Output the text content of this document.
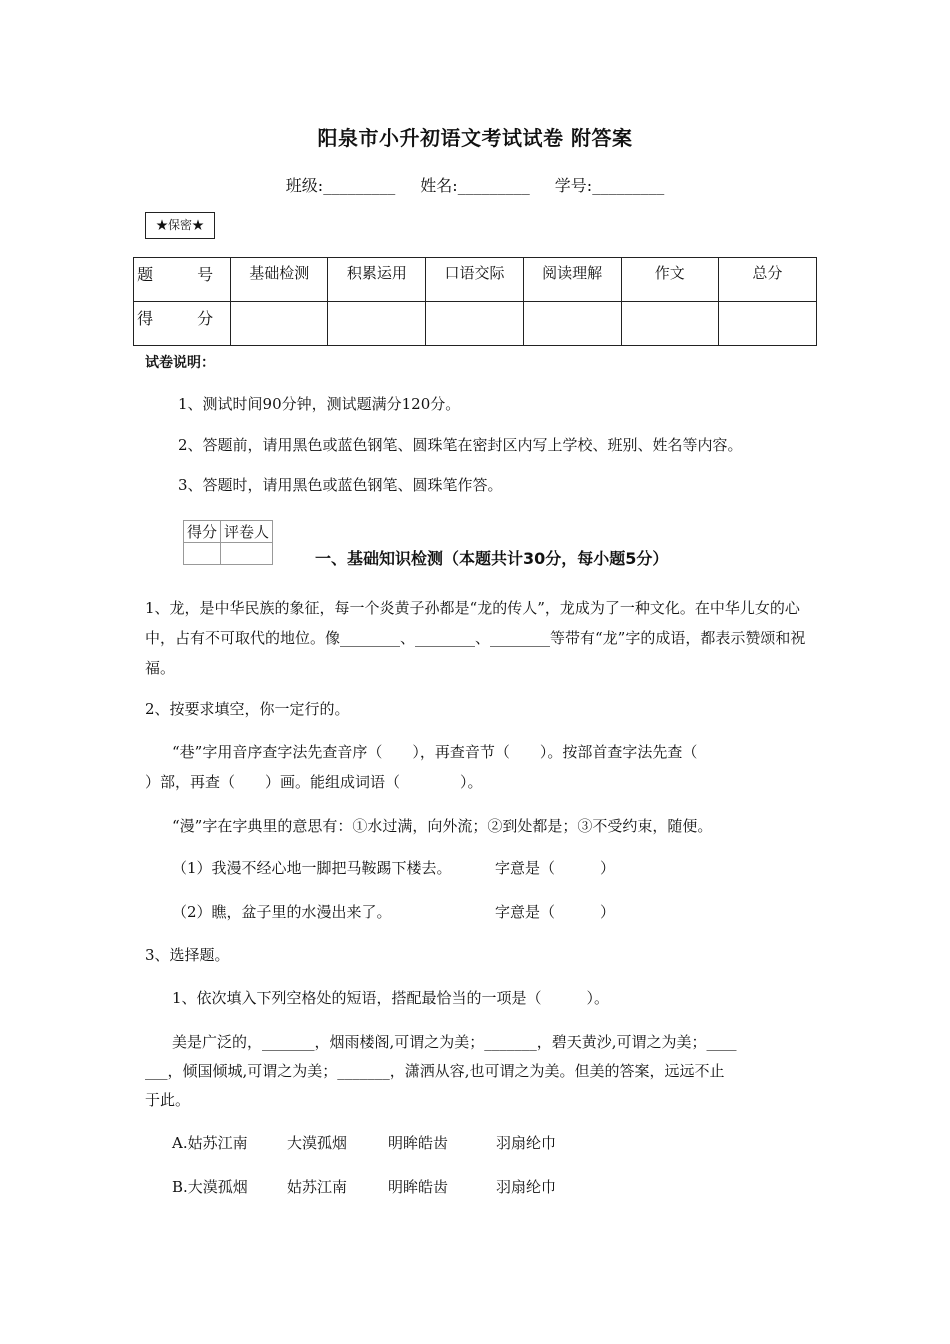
阳泉市小升初语文考试试卷 附答案
班级:_________ 姓名:_________ 学号:_________
★保密★
题　号	基础检测	积累运用	口语交际	阅读理解	作文	总分
得　分						
试卷说明：
1、测试时间90分钟，测试题满分120分。
2、答题前，请用黑色或蓝色钢笔、圆珠笔在密封区内写上学校、班别、姓名等内容。
3、答题时，请用黑色或蓝色钢笔、圆珠笔作答。
得分	评卷人

一、基础知识检测（本题共计30分，每小题5分）
1、龙，是中华民族的象征，每一个炎黄子孙都是“龙的传人”，龙成为了一种文化。在中华儿女的心中，占有不可取代的地位。像________、________、________等带有“龙”字的成语，都表示赞颂和祝福。
2、按要求填空，你一定行的。
“巷”字用音序查字法先查音序（　　），再查音节（　　）。按部首查字法先查（
）部，再查（　　）画。能组成词语（　　　　）。
“漫”字在字典里的意思有：①水过满，向外流；②到处都是；③不受约束，随便。
（1）我漫不经心地一脚把马鞍踢下楼去。	字意是（　　　）
（2）瞧，盆子里的水漫出来了。	字意是（　　　）
3、选择题。
1、依次填入下列空格处的短语，搭配最恰当的一项是（　　　）。
美是广泛的，_______，烟雨楼阁,可谓之为美；_______，碧天黄沙,可谓之为美；____
___，倾国倾城,可谓之为美；_______，潇洒从容,也可谓之为美。但美的答案，远远不止
于此。
A.姑苏江南	大漠孤烟	明眸皓齿	羽扇纶巾
B.大漠孤烟	姑苏江南	明眸皓齿	羽扇纶巾
